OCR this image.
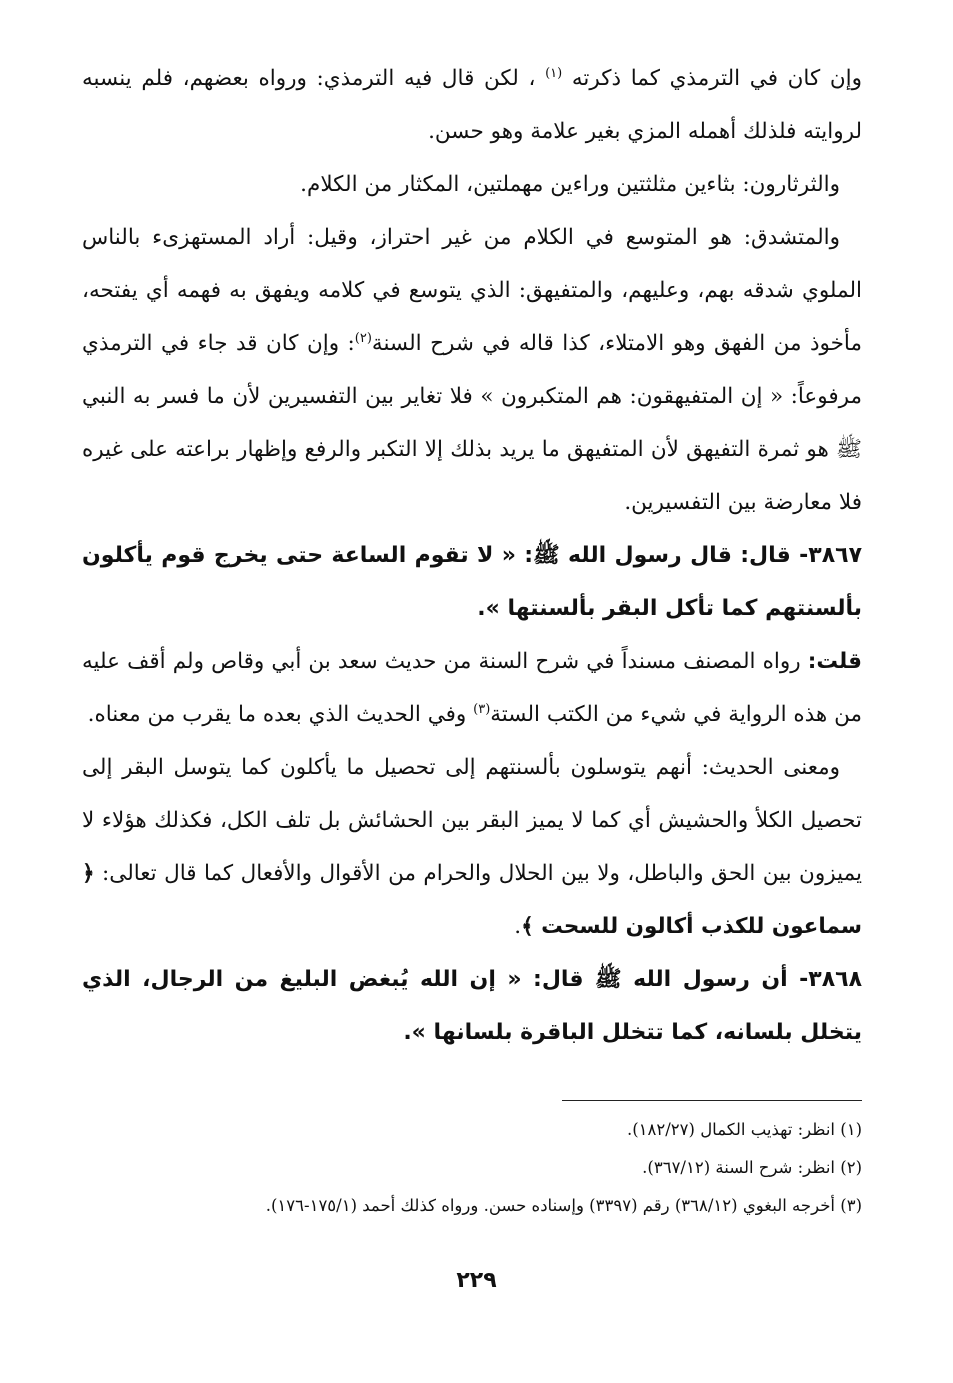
وإن كان في الترمذي كما ذكرته $^{(١)}$ ، لكن قال فيه الترمذي: ورواه بعضهم، فلم ينسبه لروايته فلذلك أهمله المزي بغير علامة وهو حسن.

والثرثارون: بثاءين مثلثتين وراءين مهملتين، المكثار من الكلام.

والمتشدق: هو المتوسع في الكلام من غير احتراز، وقيل: أراد المستهزىء بالناس الملوي شدقه بهم، وعليهم، والمتفيهق: الذي يتوسع في كلامه ويفهق به فهمه أي يفتحه، مأخوذ من الفهق وهو الامتلاء، كذا قاله في شرح السنة$^{(٢)}$: وإن كان قد جاء في الترمذي مرفوعاً: « إن المتفيهقون: هم المتكبرون » فلا تغاير بين التفسيرين لأن ما فسر به النبي ﷺ هو ثمرة التفيهق لأن المتفيهق ما يريد بذلك إلا التكبر والرفع وإظهار براعته على غيره فلا معارضة بين التفسيرين.

٣٨٦٧- قال: قال رسول الله ﷺ: « لا تقوم الساعة حتى يخرج قوم يأكلون بألسنتهم كما تأكل البقر بألسنتها ».

قلت: رواه المصنف مسنداً في شرح السنة من حديث سعد بن أبي وقاص ولم أقف عليه من هذه الرواية في شيء من الكتب الستة$^{(٣)}$ وفي الحديث الذي بعده ما يقرب من معناه.

ومعنى الحديث: أنهم يتوسلون بألسنتهم إلى تحصيل ما يأكلون كما يتوسل البقر إلى تحصيل الكلأ والحشيش أي كما لا يميز البقر بين الحشائش بل تلف الكل، فكذلك هؤلاء لا يميزون بين الحق والباطل، ولا بين الحلال والحرام من الأقوال والأفعال كما قال تعالى: ﴿ سماعون للكذب أكالون للسحت ﴾.

٣٨٦٨- أن رسول الله ﷺ قال: « إن الله يُبغض البليغ من الرجال، الذي يتخلل بلسانه، كما تتخلل الباقرة بلسانها ».

(١) انظر: تهذيب الكمال (١٨٢/٢٧).

(٢) انظر: شرح السنة (٣٦٧/١٢).

(٣) أخرجه البغوي (٣٦٨/١٢) رقم (٣٣٩٧) وإسناده حسن. ورواه كذلك أحمد (١٧٥/١-١٧٦).

٢٢٩
